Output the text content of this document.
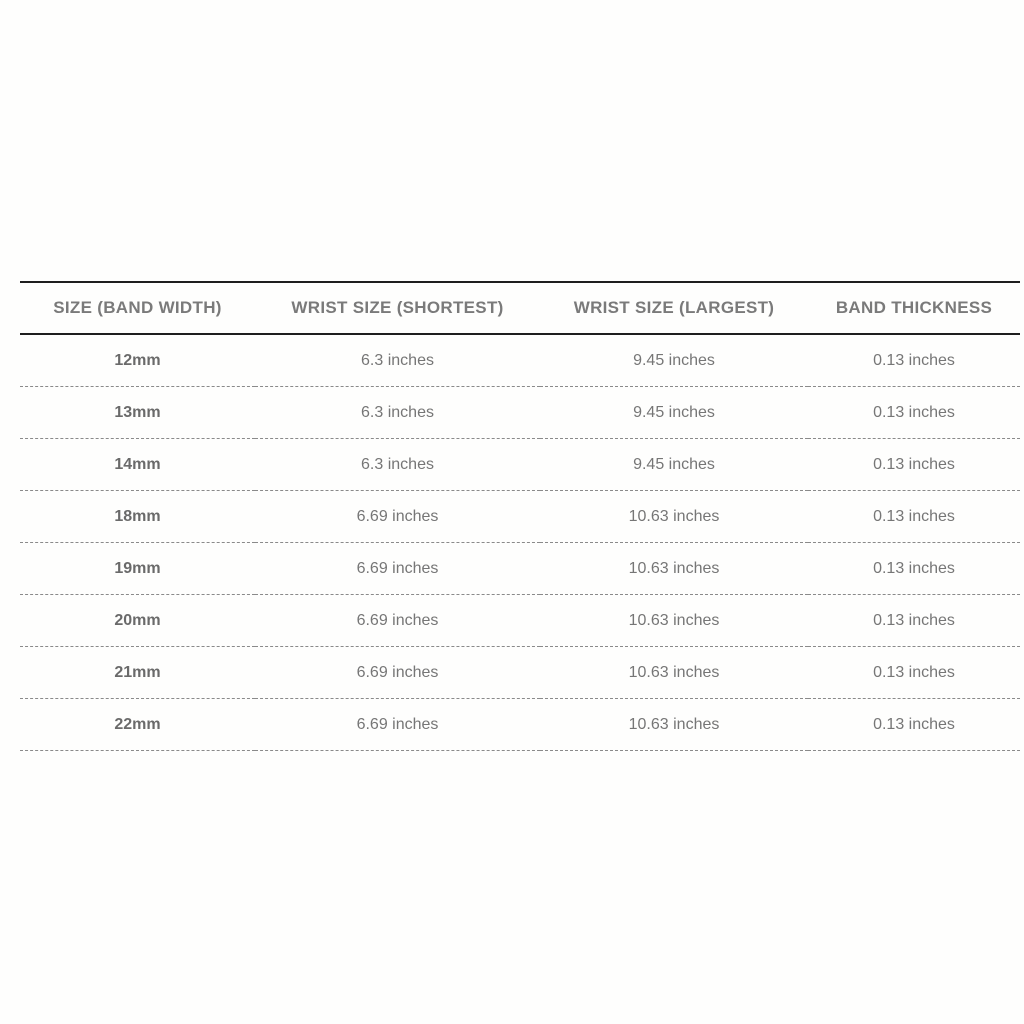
SIZE (BAND WIDTH)	WRIST SIZE (SHORTEST)	WRIST SIZE (LARGEST)	BAND THICKNESS
12mm	6.3 inches	9.45 inches	0.13 inches
13mm	6.3 inches	9.45 inches	0.13 inches
14mm	6.3 inches	9.45 inches	0.13 inches
18mm	6.69 inches	10.63 inches	0.13 inches
19mm	6.69 inches	10.63 inches	0.13 inches
20mm	6.69 inches	10.63 inches	0.13 inches
21mm	6.69 inches	10.63 inches	0.13 inches
22mm	6.69 inches	10.63 inches	0.13 inches
